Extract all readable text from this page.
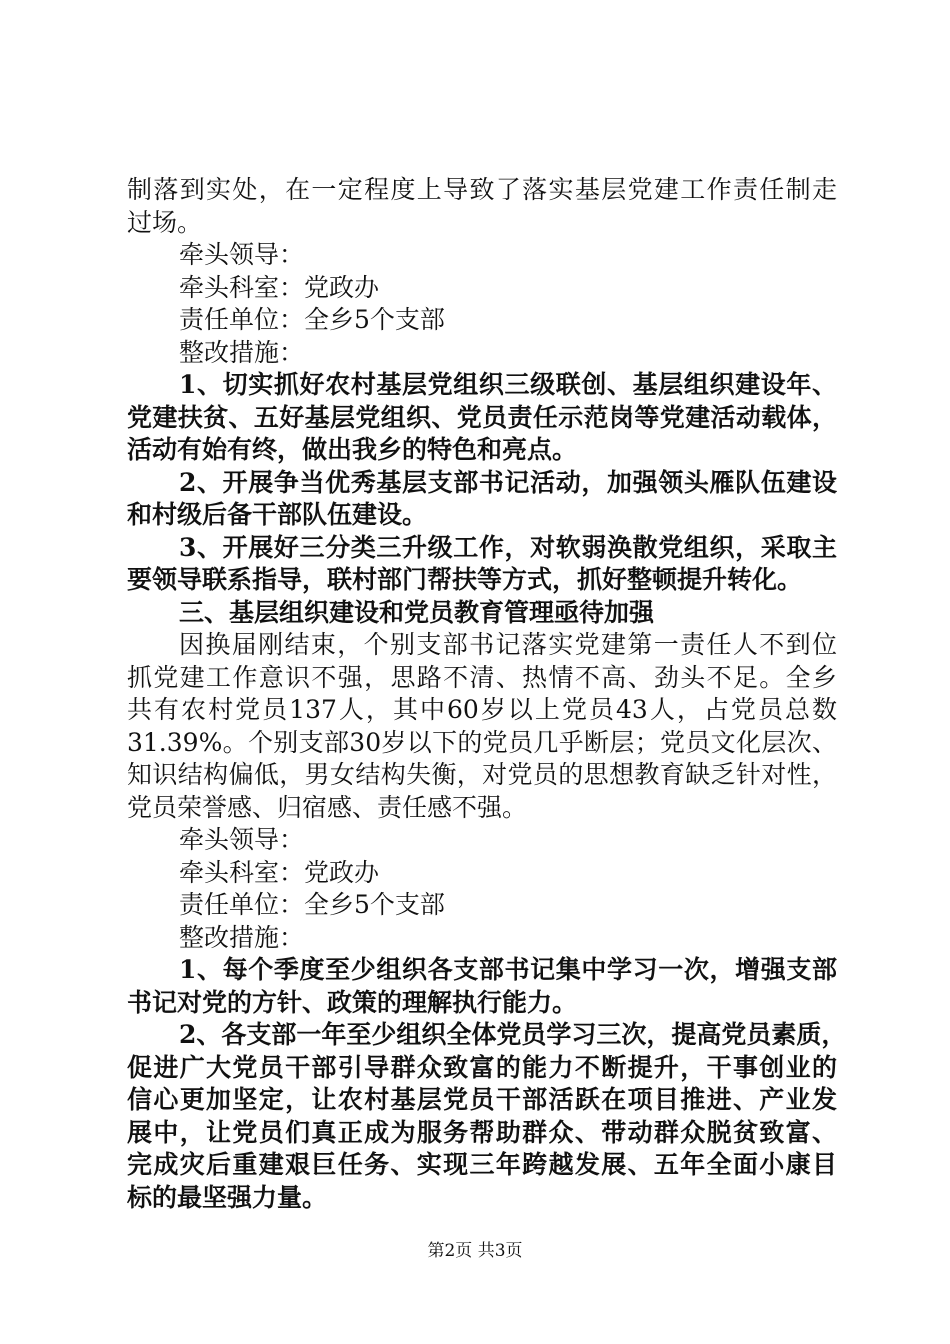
制落到实处，在一定程度上导致了落实基层党建工作责任制走
过场。
牵头领导：
牵头科室：党政办
责任单位：全乡5个支部
整改措施：
1、切实抓好农村基层党组织三级联创、基层组织建设年、
党建扶贫、五好基层党组织、党员责任示范岗等党建活动载体，
活动有始有终，做出我乡的特色和亮点。
2、开展争当优秀基层支部书记活动，加强领头雁队伍建设
和村级后备干部队伍建设。
3、开展好三分类三升级工作，对软弱涣散党组织，采取主
要领导联系指导，联村部门帮扶等方式，抓好整顿提升转化。
三、基层组织建设和党员教育管理亟待加强
因换届刚结束，个别支部书记落实党建第一责任人不到位
抓党建工作意识不强，思路不清、热情不高、劲头不足。全乡
共有农村党员137人，其中60岁以上党员43人，占党员总数
31.39%。个别支部30岁以下的党员几乎断层；党员文化层次、
知识结构偏低，男女结构失衡，对党员的思想教育缺乏针对性，
党员荣誉感、归宿感、责任感不强。
牵头领导：
牵头科室：党政办
责任单位：全乡5个支部
整改措施：
1、每个季度至少组织各支部书记集中学习一次，增强支部
书记对党的方针、政策的理解执行能力。
2、各支部一年至少组织全体党员学习三次，提高党员素质，
促进广大党员干部引导群众致富的能力不断提升，干事创业的
信心更加坚定，让农村基层党员干部活跃在项目推进、产业发
展中，让党员们真正成为服务帮助群众、带动群众脱贫致富、
完成灾后重建艰巨任务、实现三年跨越发展、五年全面小康目
标的最坚强力量。
第2页 共3页
